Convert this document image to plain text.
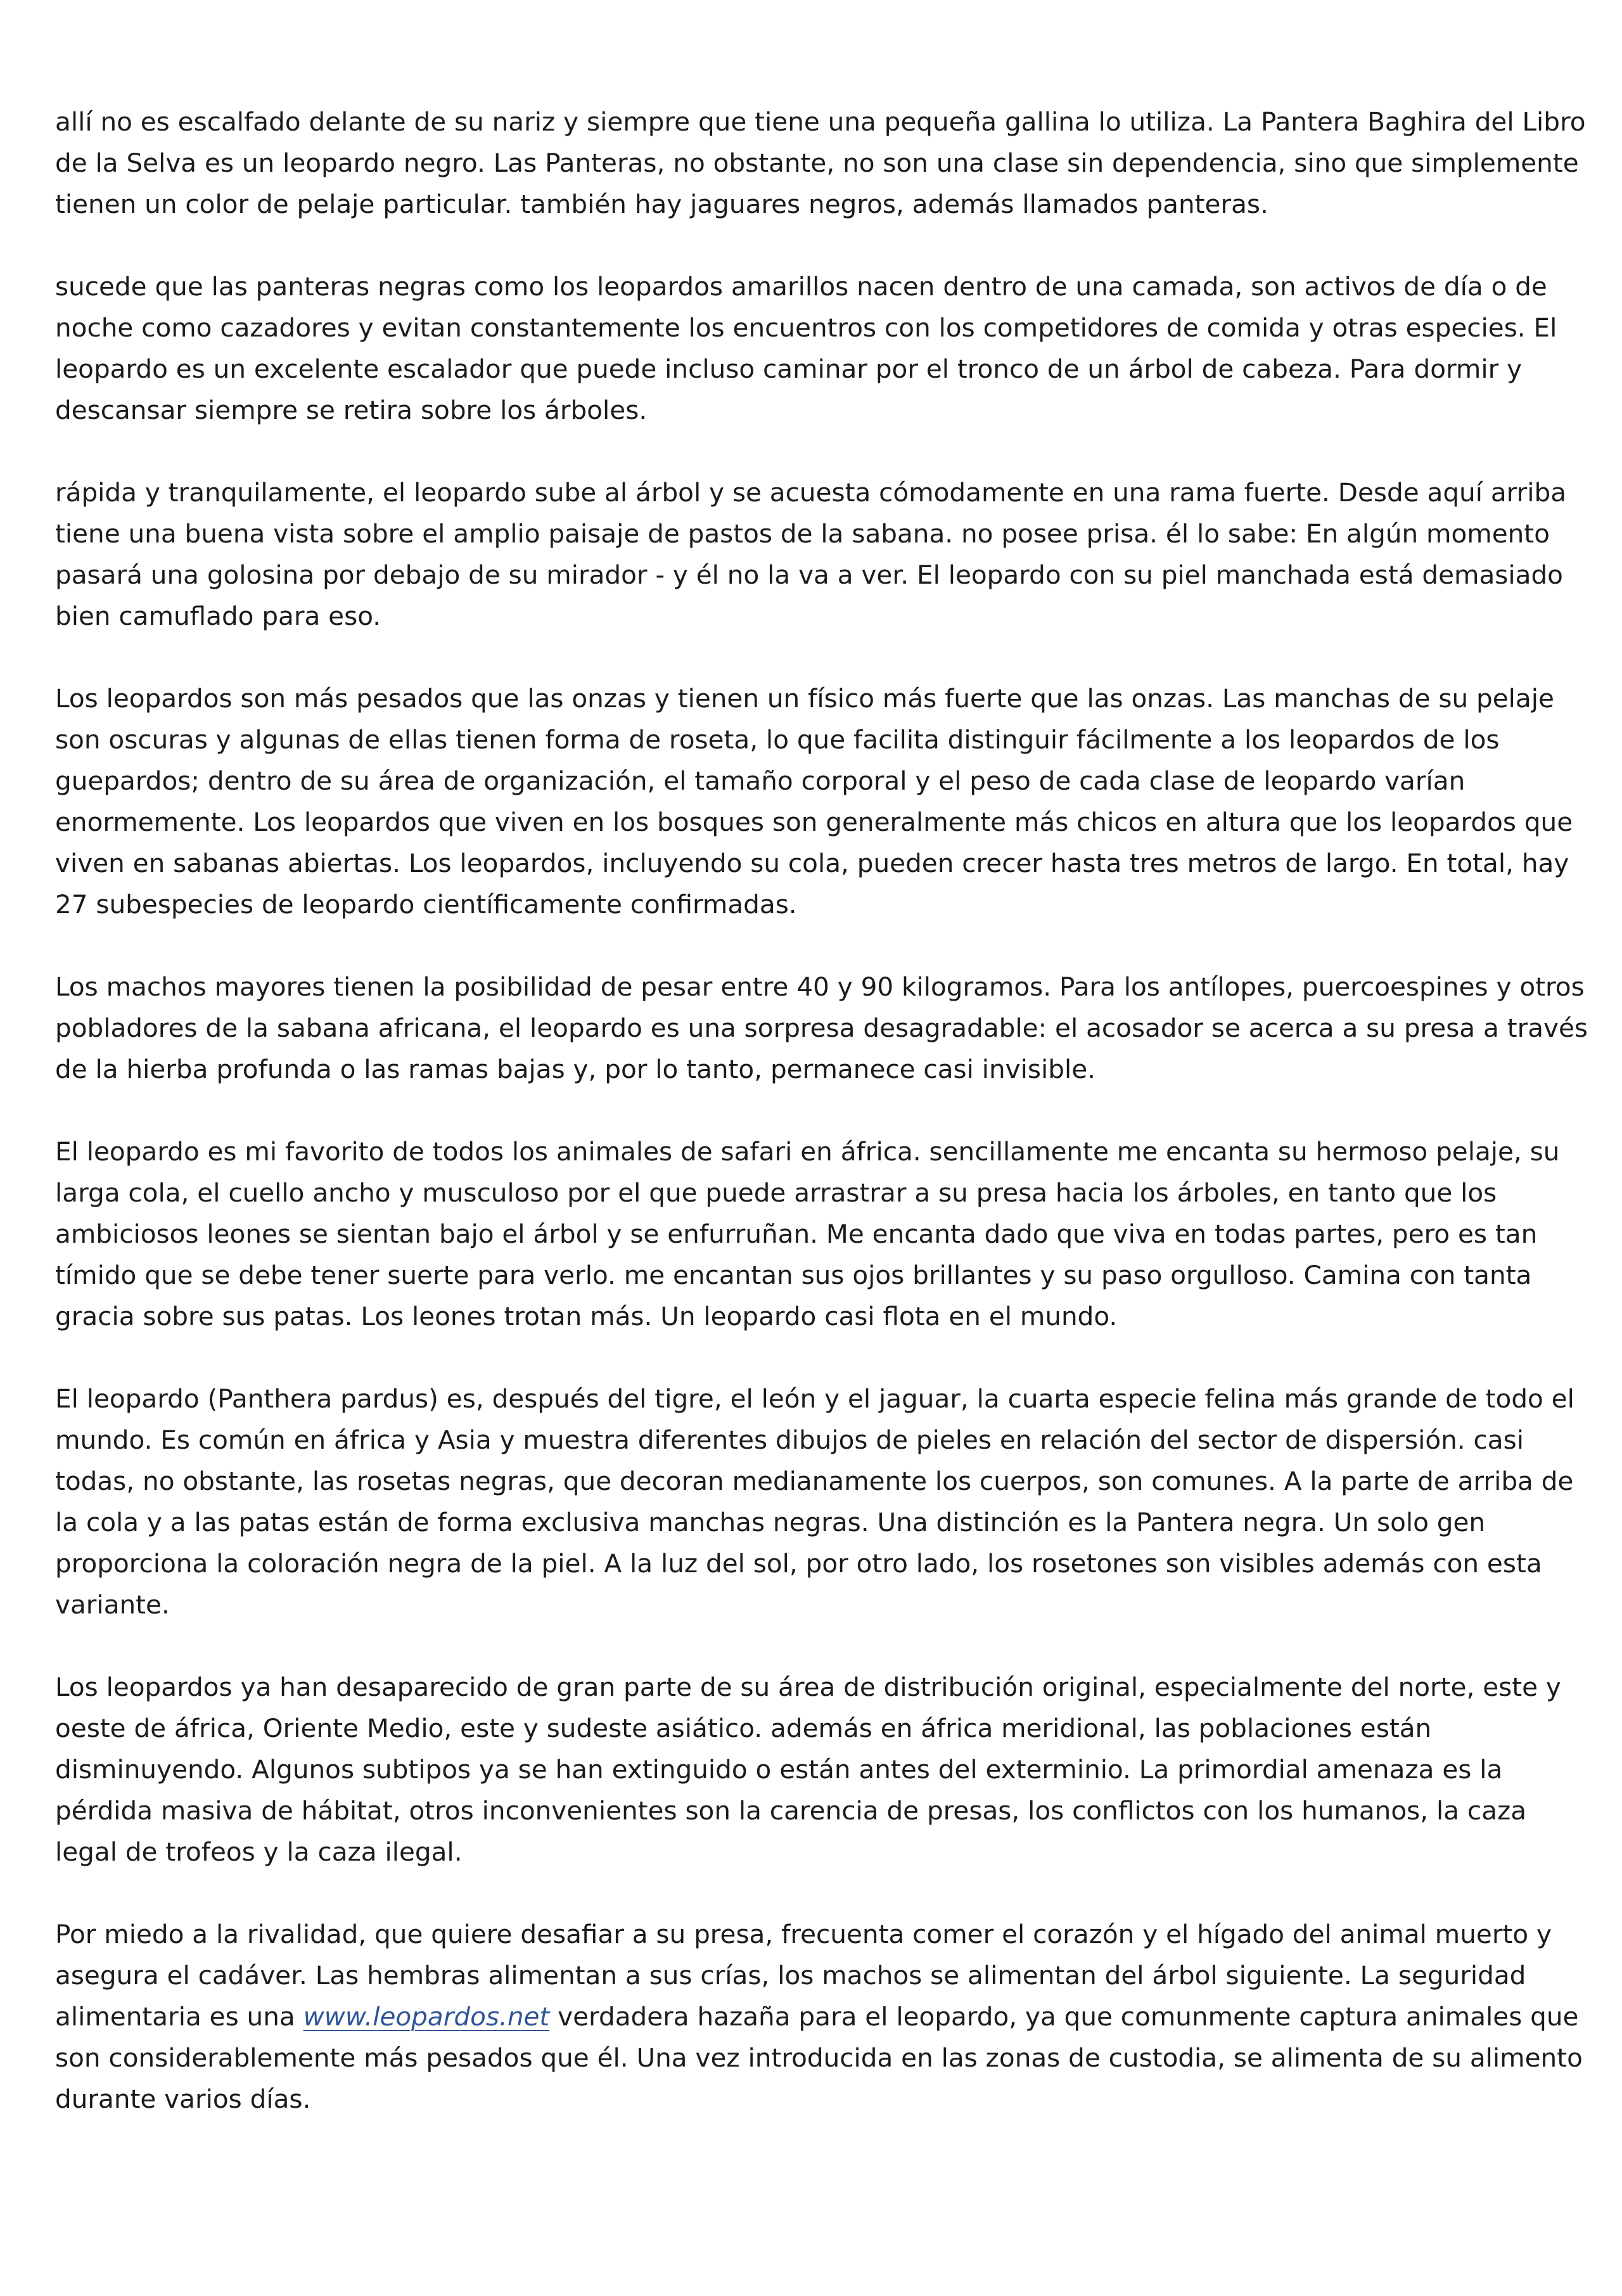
allí no es escalfado delante de su nariz y siempre que tiene una pequeña gallina lo utiliza. La Pantera Baghira del Libro de la Selva es un leopardo negro. Las Panteras, no obstante, no son una clase sin dependencia, sino que simplemente tienen un color de pelaje particular. también hay jaguares negros, además llamados panteras.

sucede que las panteras negras como los leopardos amarillos nacen dentro de una camada, son activos de día o de noche como cazadores y evitan constantemente los encuentros con los competidores de comida y otras especies. El leopardo es un excelente escalador que puede incluso caminar por el tronco de un árbol de cabeza. Para dormir y descansar siempre se retira sobre los árboles.

rápida y tranquilamente, el leopardo sube al árbol y se acuesta cómodamente en una rama fuerte. Desde aquí arriba tiene una buena vista sobre el amplio paisaje de pastos de la sabana. no posee prisa. él lo sabe: En algún momento pasará una golosina por debajo de su mirador - y él no la va a ver. El leopardo con su piel manchada está demasiado bien camuflado para eso.

Los leopardos son más pesados que las onzas y tienen un físico más fuerte que las onzas. Las manchas de su pelaje son oscuras y algunas de ellas tienen forma de roseta, lo que facilita distinguir fácilmente a los leopardos de los guepardos; dentro de su área de organización, el tamaño corporal y el peso de cada clase de leopardo varían enormemente. Los leopardos que viven en los bosques son generalmente más chicos en altura que los leopardos que viven en sabanas abiertas. Los leopardos, incluyendo su cola, pueden crecer hasta tres metros de largo. En total, hay 27 subespecies de leopardo científicamente confirmadas.

Los machos mayores tienen la posibilidad de pesar entre 40 y 90 kilogramos. Para los antílopes, puercoespines y otros pobladores de la sabana africana, el leopardo es una sorpresa desagradable: el acosador se acerca a su presa a través de la hierba profunda o las ramas bajas y, por lo tanto, permanece casi invisible.

El leopardo es mi favorito de todos los animales de safari en áfrica. sencillamente me encanta su hermoso pelaje, su larga cola, el cuello ancho y musculoso por el que puede arrastrar a su presa hacia los árboles, en tanto que los ambiciosos leones se sientan bajo el árbol y se enfurruñan. Me encanta dado que viva en todas partes, pero es tan tímido que se debe tener suerte para verlo. me encantan sus ojos brillantes y su paso orgulloso. Camina con tanta gracia sobre sus patas. Los leones trotan más. Un leopardo casi flota en el mundo.

El leopardo (Panthera pardus) es, después del tigre, el león y el jaguar, la cuarta especie felina más grande de todo el mundo. Es común en áfrica y Asia y muestra diferentes dibujos de pieles en relación del sector de dispersión. casi todas, no obstante, las rosetas negras, que decoran medianamente los cuerpos, son comunes. A la parte de arriba de la cola y a las patas están de forma exclusiva manchas negras. Una distinción es la Pantera negra. Un solo gen proporciona la coloración negra de la piel. A la luz del sol, por otro lado, los rosetones son visibles además con esta variante.

Los leopardos ya han desaparecido de gran parte de su área de distribución original, especialmente del norte, este y oeste de áfrica, Oriente Medio, este y sudeste asiático. además en áfrica meridional, las poblaciones están disminuyendo. Algunos subtipos ya se han extinguido o están antes del exterminio. La primordial amenaza es la pérdida masiva de hábitat, otros inconvenientes son la carencia de presas, los conflictos con los humanos, la caza legal de trofeos y la caza ilegal.

Por miedo a la rivalidad, que quiere desafiar a su presa, frecuenta comer el corazón y el hígado del animal muerto y asegura el cadáver. Las hembras alimentan a sus crías, los machos se alimentan del árbol siguiente. La seguridad alimentaria es una www.leopardos.net verdadera hazaña para el leopardo, ya que comunmente captura animales que son considerablemente más pesados que él. Una vez introducida en las zonas de custodia, se alimenta de su alimento durante varios días.
